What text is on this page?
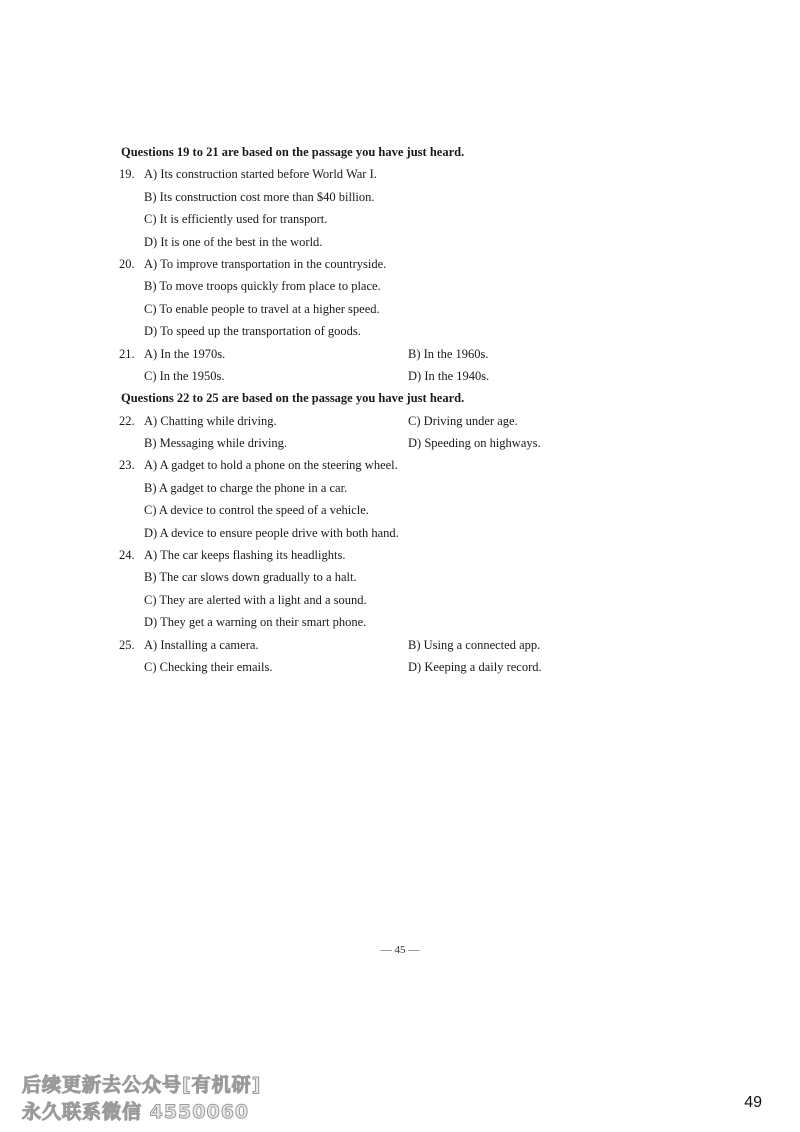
Questions 19 to 21 are based on the passage you have just heard.
19. A) Its construction started before World War I.
B) Its construction cost more than $40 billion.
C) It is efficiently used for transport.
D) It is one of the best in the world.
20. A) To improve transportation in the countryside.
B) To move troops quickly from place to place.
C) To enable people to travel at a higher speed.
D) To speed up the transportation of goods.
21. A) In the 1970s.	B) In the 1960s.
C) In the 1950s.	D) In the 1940s.
Questions 22 to 25 are based on the passage you have just heard.
22. A) Chatting while driving.	C) Driving under age.
B) Messaging while driving.	D) Speeding on highways.
23. A) A gadget to hold a phone on the steering wheel.
B) A gadget to charge the phone in a car.
C) A device to control the speed of a vehicle.
D) A device to ensure people drive with both hand.
24. A) The car keeps flashing its headlights.
B) The car slows down gradually to a halt.
C) They are alerted with a light and a sound.
D) They get a warning on their smart phone.
25. A) Installing a camera.	B) Using a connected app.
C) Checking their emails.	D) Keeping a daily record.
— 45 —
后续更新去公众号[有机研]
永久联系微信 4550060	49
